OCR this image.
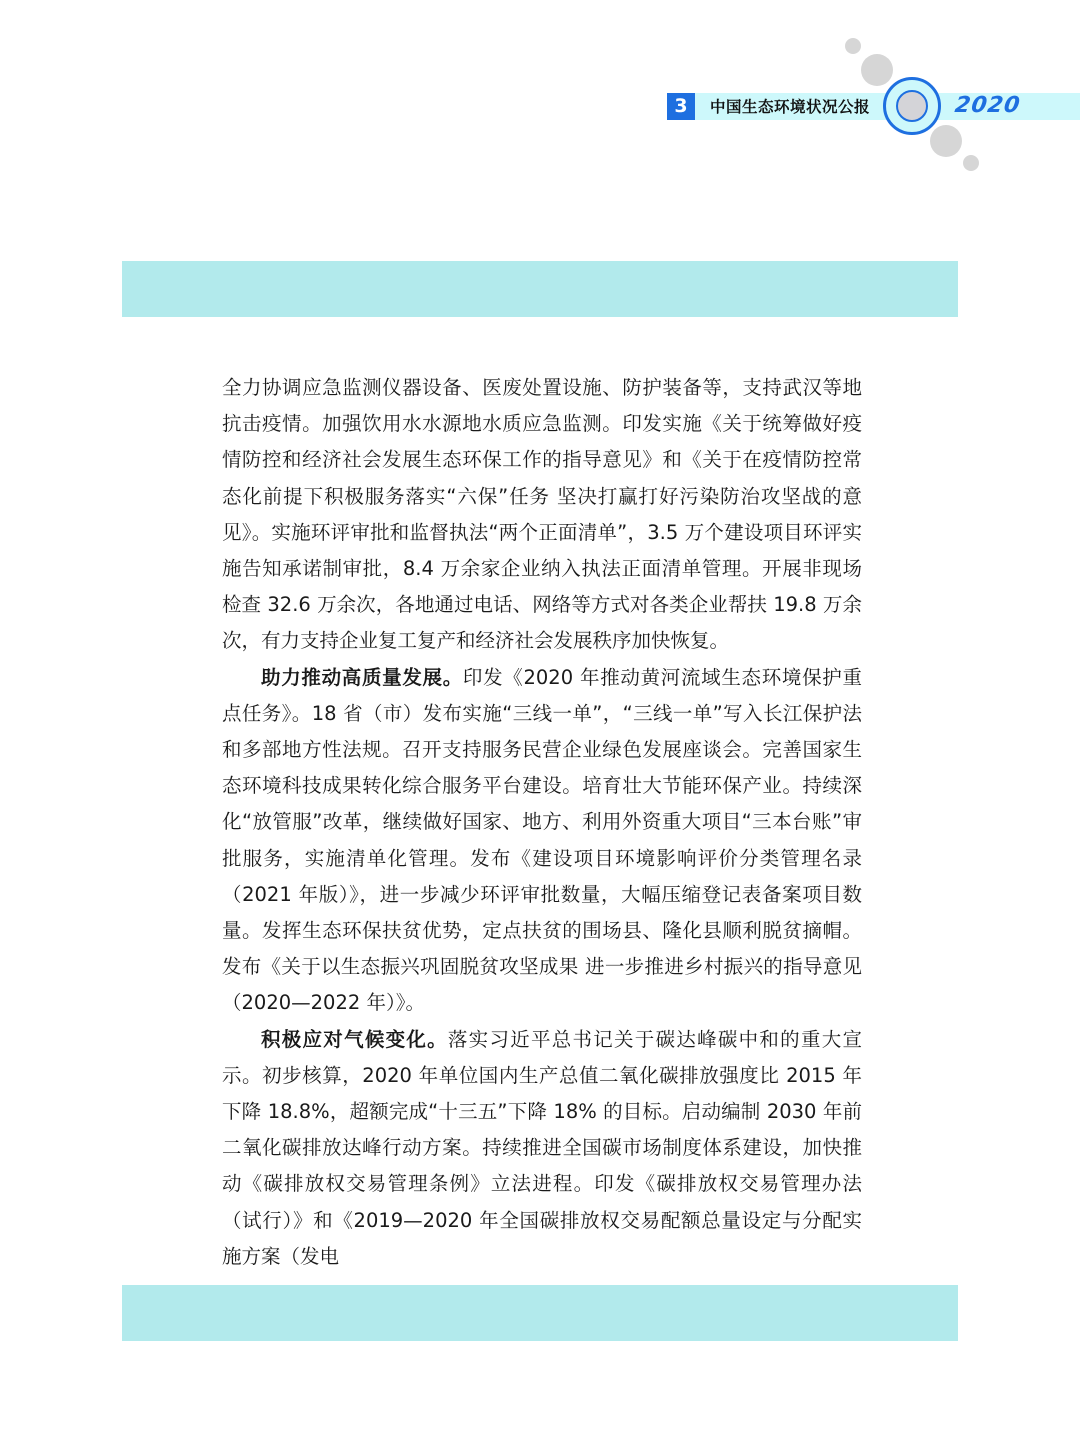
3	中国生态环境状况公报	2020

全力协调应急监测仪器设备、医废处置设施、防护装备等，支持武汉等地抗击疫情。加强饮用水水源地水质应急监测。印发实施《关于统筹做好疫情防控和经济社会发展生态环保工作的指导意见》和《关于在疫情防控常态化前提下积极服务落实“六保”任务 坚决打赢打好污染防治攻坚战的意见》。实施环评审批和监督执法“两个正面清单”，3.5 万个建设项目环评实施告知承诺制审批，8.4 万余家企业纳入执法正面清单管理。开展非现场检查 32.6 万余次，各地通过电话、网络等方式对各类企业帮扶 19.8 万余次，有力支持企业复工复产和经济社会发展秩序加快恢复。

助力推动高质量发展。印发《2020 年推动黄河流域生态环境保护重点任务》。18 省（市）发布实施“三线一单”，“三线一单”写入长江保护法和多部地方性法规。召开支持服务民营企业绿色发展座谈会。完善国家生态环境科技成果转化综合服务平台建设。培育壮大节能环保产业。持续深化“放管服”改革，继续做好国家、地方、利用外资重大项目“三本台账”审批服务，实施清单化管理。发布《建设项目环境影响评价分类管理名录（2021 年版）》，进一步减少环评审批数量，大幅压缩登记表备案项目数量。发挥生态环保扶贫优势，定点扶贫的围场县、隆化县顺利脱贫摘帽。发布《关于以生态振兴巩固脱贫攻坚成果 进一步推进乡村振兴的指导意见（2020—2022 年）》。

积极应对气候变化。落实习近平总书记关于碳达峰碳中和的重大宣示。初步核算，2020 年单位国内生产总值二氧化碳排放强度比 2015 年下降 18.8%，超额完成“十三五”下降 18% 的目标。启动编制 2030 年前二氧化碳排放达峰行动方案。持续推进全国碳市场制度体系建设，加快推动《碳排放权交易管理条例》立法进程。印发《碳排放权交易管理办法（试行）》和《2019—2020 年全国碳排放权交易配额总量设定与分配实施方案（发电
